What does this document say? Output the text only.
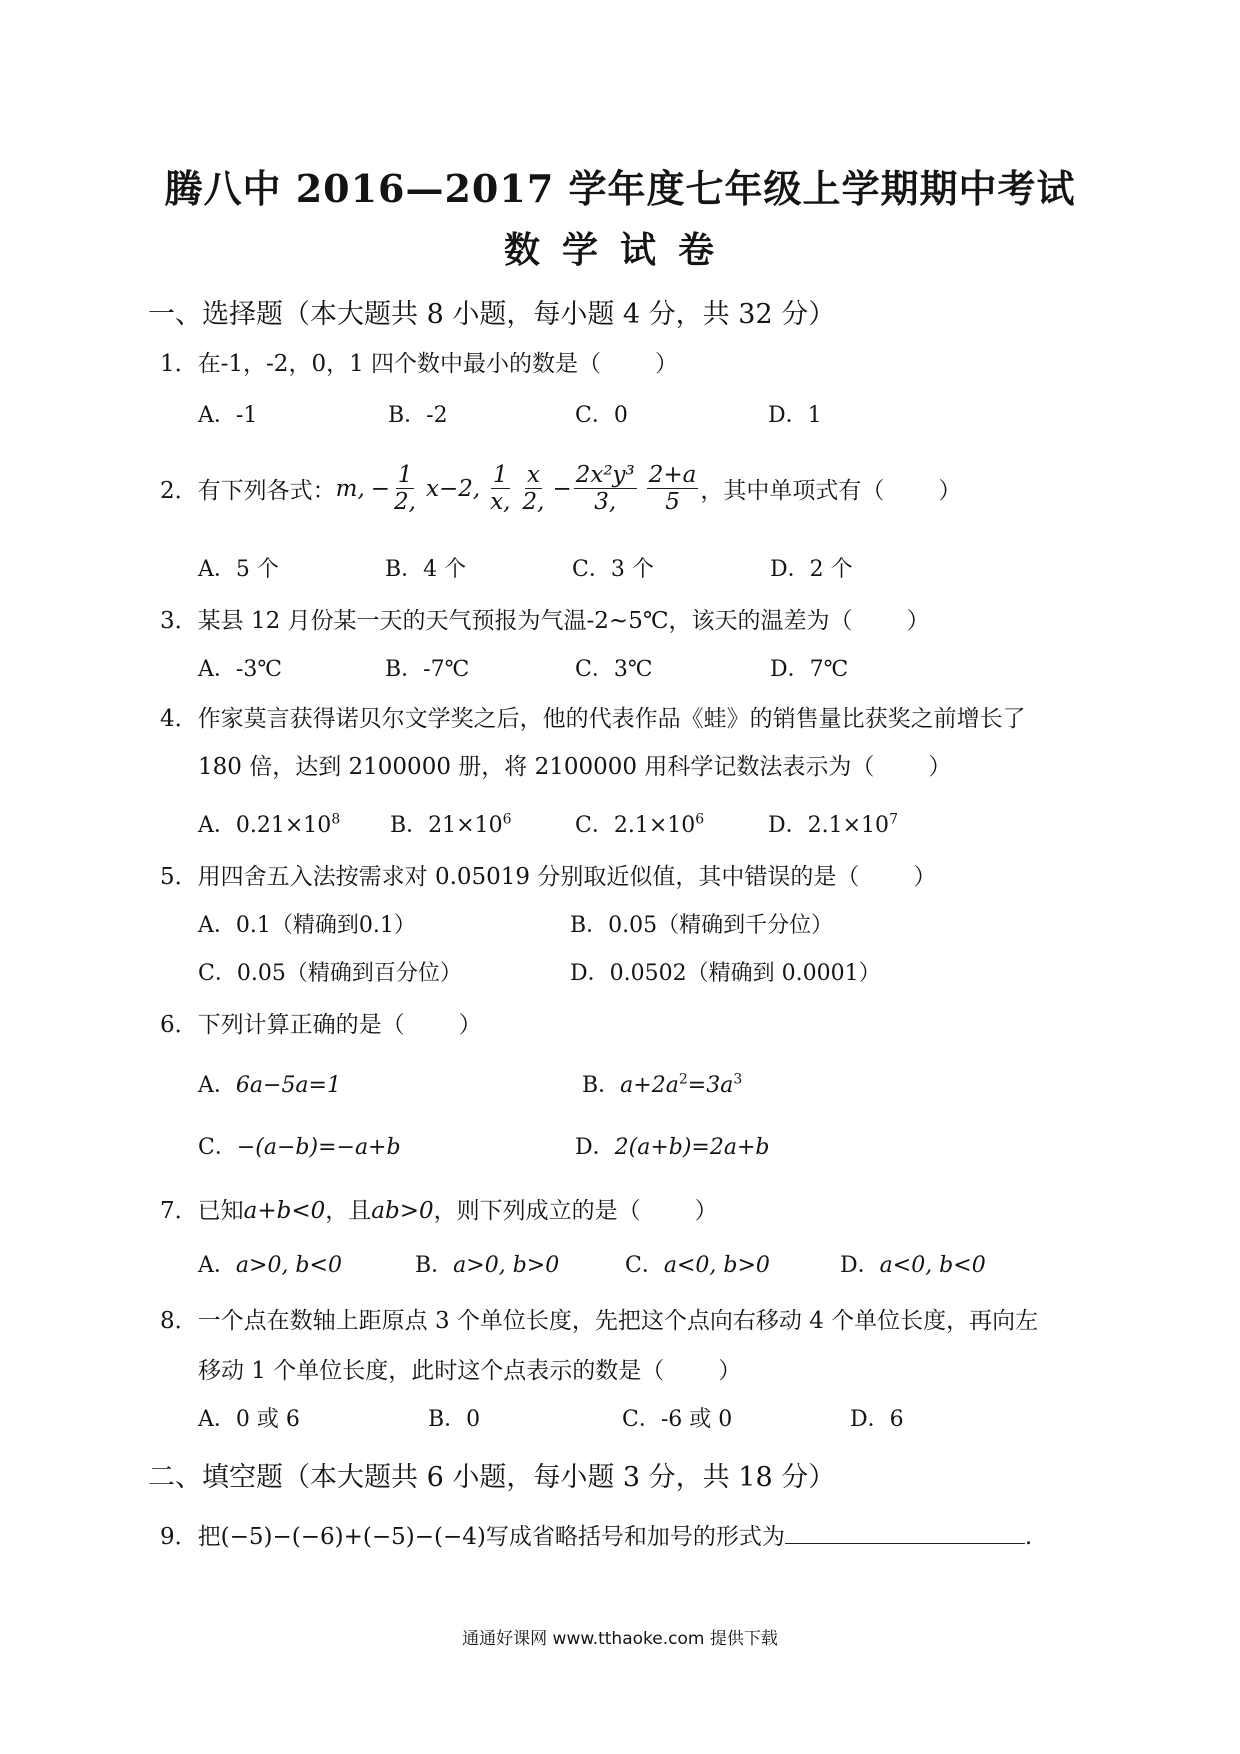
腾八中 2016—2017 学年度七年级上学期期中考试
数学试卷
一、选择题（本大题共 8 小题，每小题 4 分，共 32 分）
1．在-1，-2，0，1 四个数中最小的数是（ ）
A．-1	B．-2	C．0	D．1
2．有下列各式： m, − $\frac{1}{2,} x-2$, $\frac{1}{x,} \frac{x}{2,} - \frac{\text{2x²y³}}{3,} \frac{2+a}{5}$ ，其中单项式有（ ）
A．5 个	B．4 个	C．3 个	D．2 个
3．某县 12 月份某一天的天气预报为气温-2~5℃，该天的温差为（ ）
A．-3℃	B．-7℃	C．3℃	D．7℃
4．作家莫言获得诺贝尔文学奖之后，他的代表作品《蛙》的销售量比获奖之前增长了
180 倍，达到 2100000 册，将 2100000 用科学记数法表示为（ ）
A．$0.21\times 10^8$ B．$21\times 10^6$	C．$2.1\times 10^6$	D．$2.1\times 10^7$
5．用四舍五入法按需求对 0.05019 分别取近似值，其中错误的是（ ）
A．0.1（精确到0.1）	B．0.05（精确到千分位）
C．0.05（精确到百分位）	D．0.0502（精确到 0.0001）
6．下列计算正确的是（ ）
A．6a−5a=1	B．$a+2a^2=3a^3$
C．−(a−b)=−a+b	D．2(a+b)=2a+b
7．已知a+b<0，且ab>0，则下列成立的是（ ）
A．a>0, b<0	B．a>0, b>0	C．a<0, b>0	D．a<0, b<0
8．一个点在数轴上距原点 3 个单位长度，先把这个点向右移动 4 个单位长度，再向左
移动 1 个单位长度，此时这个点表示的数是（ ）
A．0 或 6	B．0	C．-6 或 0	D．6
二、填空题（本大题共 6 小题，每小题 3 分，共 18 分）
9．把(−5)−(−6)+(−5)−(−4)写成省略括号和加号的形式为	.
通通好课网 www.tthaoke.com 提供下载
